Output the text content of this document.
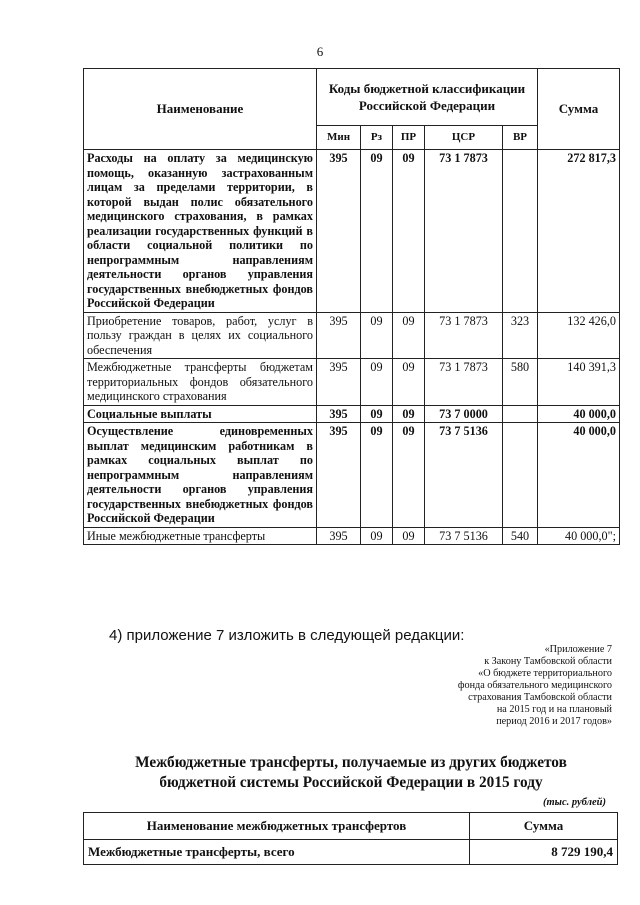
6
Наименование	Коды бюджетной классификации Российской Федерации					Сумма
	Мин	Рз	ПР	ЦСР	ВР	
Расходы на оплату за медицинскую помощь, оказанную застрахованным лицам за пределами территории, в которой выдан полис обязательного медицинского страхования, в рамках реализации государственных функций в области социальной политики по непрограммным направлениям деятельности органов управления государственных внебюджетных фондов Российской Федерации	395	09	09	73 1 7873		272 817,3
Приобретение товаров, работ, услуг в пользу граждан в целях их социального обеспечения	395	09	09	73 1 7873	323	132 426,0
Межбюджетные трансферты бюджетам территориальных фондов обязательного медицинского страхования	395	09	09	73 1 7873	580	140 391,3
Социальные выплаты	395	09	09	73 7 0000		40 000,0
Осуществление единовременных выплат медицинским работникам в рамках социальных выплат по непрограммным направлениям деятельности органов управления государственных внебюджетных фондов Российской Федерации	395	09	09	73 7 5136		40 000,0
Иные межбюджетные трансферты	395	09	09	73 7 5136	540	40 000,0";
4) приложение 7 изложить в следующей редакции:
«Приложение 7
к Закону Тамбовской области
«О бюджете территориального
фонда обязательного медицинского
страхования Тамбовской области
на 2015 год и на плановый
период 2016 и 2017 годов»
Межбюджетные трансферты, получаемые из других бюджетов
бюджетной системы Российской Федерации в 2015 году
(тыс. рублей)
Наименование межбюджетных трансфертов	Сумма
Межбюджетные трансферты, всего	8 729 190,4
